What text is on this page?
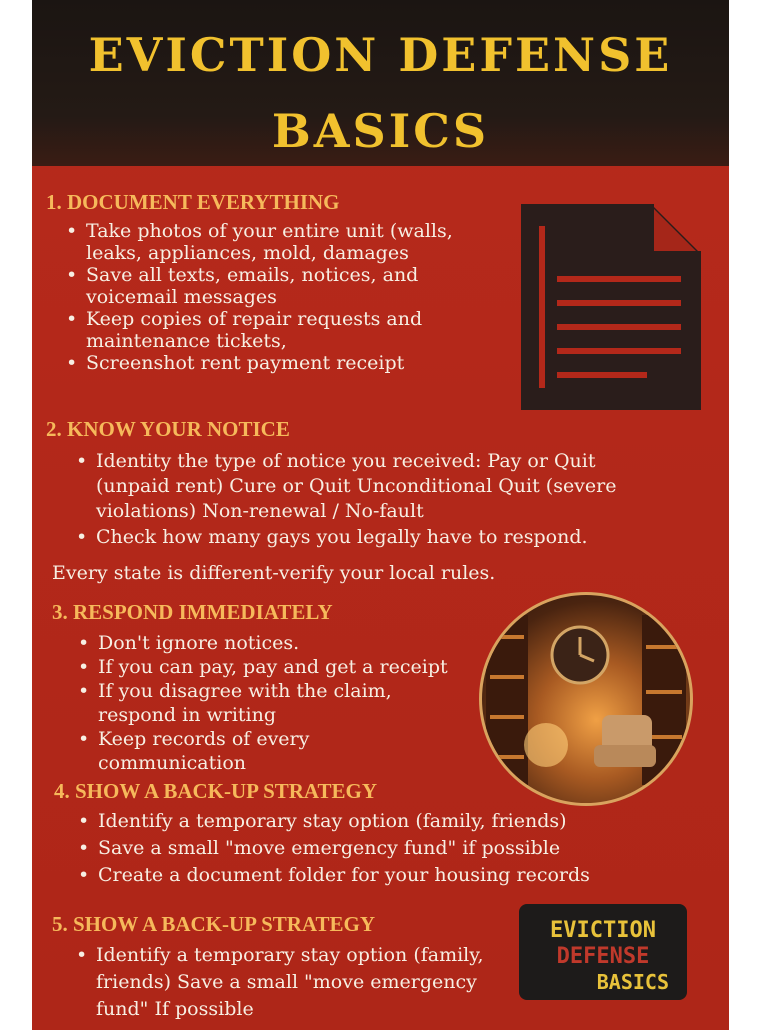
EVICTION DEFENSE
BASICS
1. DOCUMENT EVERYTHING
• Take photos of your entire unit (walls, leaks, appliances, mold, damages
• Save all texts, emails, notices, and voicemail messages
• Keep copies of repair requests and maintenance tickets,
• Screenshot rent payment receipt
2. KNOW YOUR NOTICE
• Identity the type of notice you received: Pay or Quit (unpaid rent) Cure or Quit Unconditional Quit (severe violations) Non-renewal / No-fault
• Check how many gays you legally have to respond.

Every state is different-verify your local rules.

3. RESPOND IMMEDIATELY
• Don't ignore notices.
• If you can pay, pay and get a receipt
• If you disagree with the claim, respond in writing
• Keep records of every communication
4. SHOW A BACK-UP STRATEGY
• Identify a temporary stay option (family, friends)
• Save a small "move emergency fund" if possible
• Create a document folder for your housing records
5. SHOW A BACK-UP STRATEGY
• Identify a temporary stay option (family, friends) Save a small "move emergency fund" If possible

EVICTION

DEFENSE

BASICS
